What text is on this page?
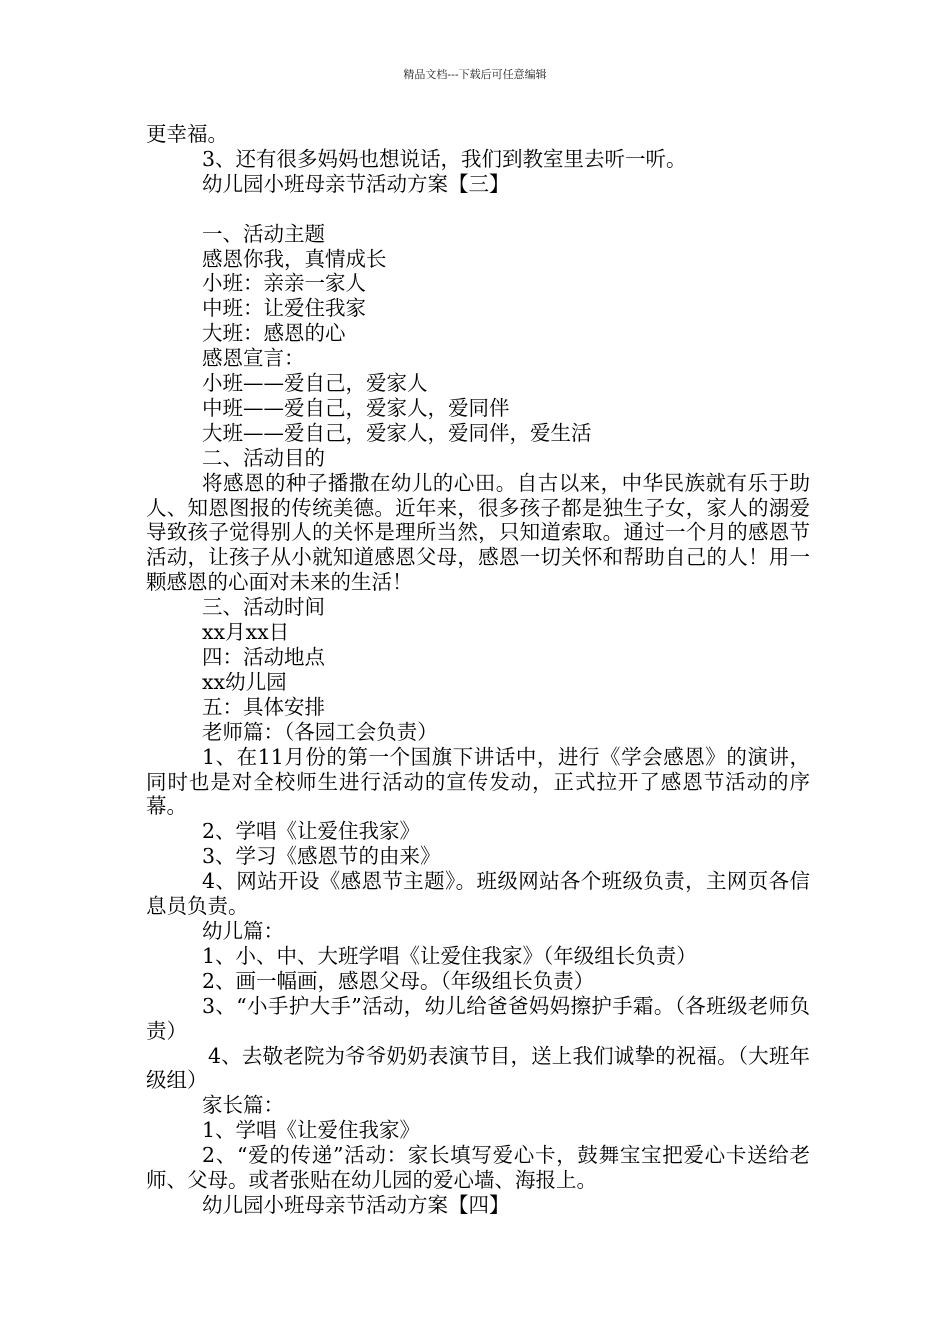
精品文档---下载后可任意编辑

更幸福。

3、还有很多妈妈也想说话，我们到教室里去听一听。

幼儿园小班母亲节活动方案【三】

一、活动主题

感恩你我，真情成长

小班：亲亲一家人

中班：让爱住我家

大班：感恩的心

感恩宣言：

小班——爱自己，爱家人

中班——爱自己，爱家人，爱同伴

大班——爱自己，爱家人，爱同伴，爱生活

二、活动目的

将感恩的种子播撒在幼儿的心田。自古以来，中华民族就有乐于助人、知恩图报的传统美德。近年来，很多孩子都是独生子女，家人的溺爱导致孩子觉得别人的关怀是理所当然，只知道索取。通过一个月的感恩节活动，让孩子从小就知道感恩父母，感恩一切关怀和帮助自己的人！用一颗感恩的心面对未来的生活！

三、活动时间

xx月xx日

四：活动地点

xx幼儿园

五：具体安排

老师篇：（各园工会负责）

1、在11月份的第一个国旗下讲话中，进行《学会感恩》的演讲，同时也是对全校师生进行活动的宣传发动，正式拉开了感恩节活动的序幕。

2、学唱《让爱住我家》

3、学习《感恩节的由来》

4、网站开设《感恩节主题》。班级网站各个班级负责，主网页各信息员负责。

幼儿篇：

1、小、中、大班学唱《让爱住我家》（年级组长负责）

2、画一幅画，感恩父母。（年级组长负责）

3、“小手护大手”活动，幼儿给爸爸妈妈擦护手霜。（各班级老师负责）

4、去敬老院为爷爷奶奶表演节目，送上我们诚挚的祝福。（大班年级组）

家长篇：

1、学唱《让爱住我家》

2、“爱的传递”活动：家长填写爱心卡，鼓舞宝宝把爱心卡送给老师、父母。或者张贴在幼儿园的爱心墙、海报上。

幼儿园小班母亲节活动方案【四】
